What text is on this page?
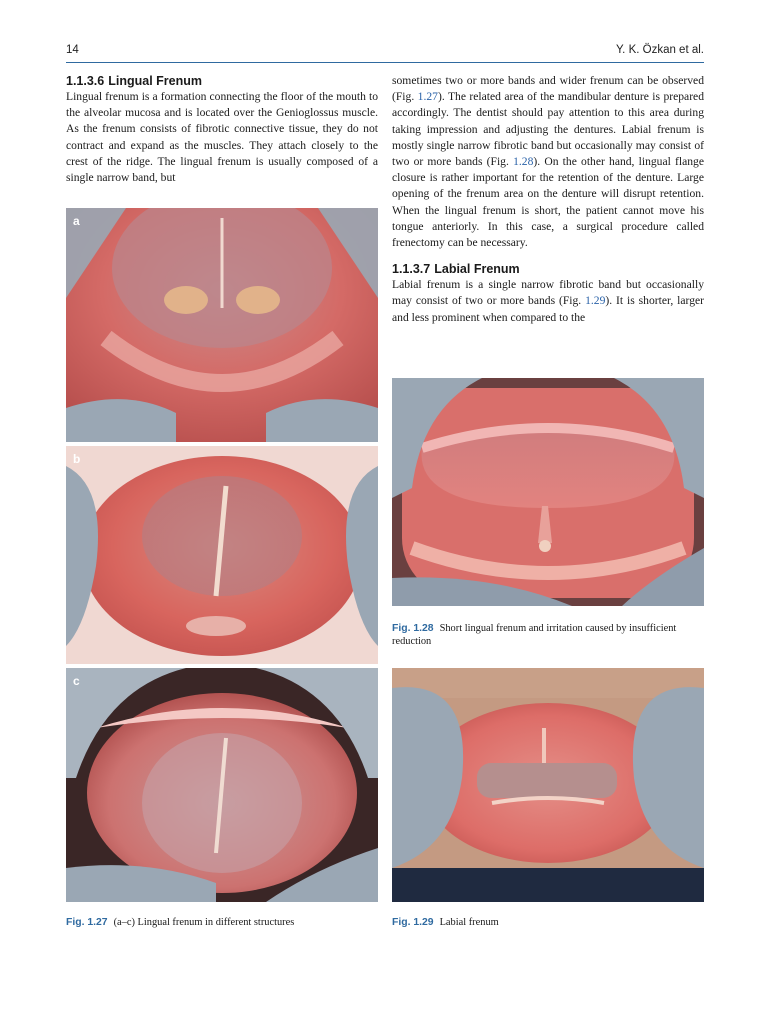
14	Y. K. Özkan et al.
1.1.3.6 Lingual Frenum

Lingual frenum is a formation connecting the floor of the mouth to the alveolar mucosa and is located over the Genioglossus muscle. As the frenum consists of fibrotic connective tissue, they do not contract and expand as the muscles. They attach closely to the crest of the ridge. The lingual frenum is usually composed of a single narrow band, but

sometimes two or more bands and wider frenum can be observed (Fig. 1.27). The related area of the mandibular denture is prepared accordingly. The dentist should pay attention to this area during taking impression and adjusting the dentures. Labial frenum is mostly single narrow fibrotic band but occasionally may consist of two or more bands (Fig. 1.28). On the other hand, lingual flange closure is rather important for the retention of the denture. Large opening of the frenum area on the denture will disrupt retention. When the lingual frenum is short, the patient cannot move his tongue anteriorly. In this case, a surgical procedure called frenectomy can be necessary.

1.1.3.7 Labial Frenum

Labial frenum is a single narrow fibrotic band but occasionally may consist of two or more bands (Fig. 1.29). It is shorter, larger and less prominent when compared to the

a
b
c
Fig. 1.27 (a–c) Lingual frenum in different structures
Fig. 1.28 Short lingual frenum and irritation caused by insufficient reduction
Fig. 1.29 Labial frenum
